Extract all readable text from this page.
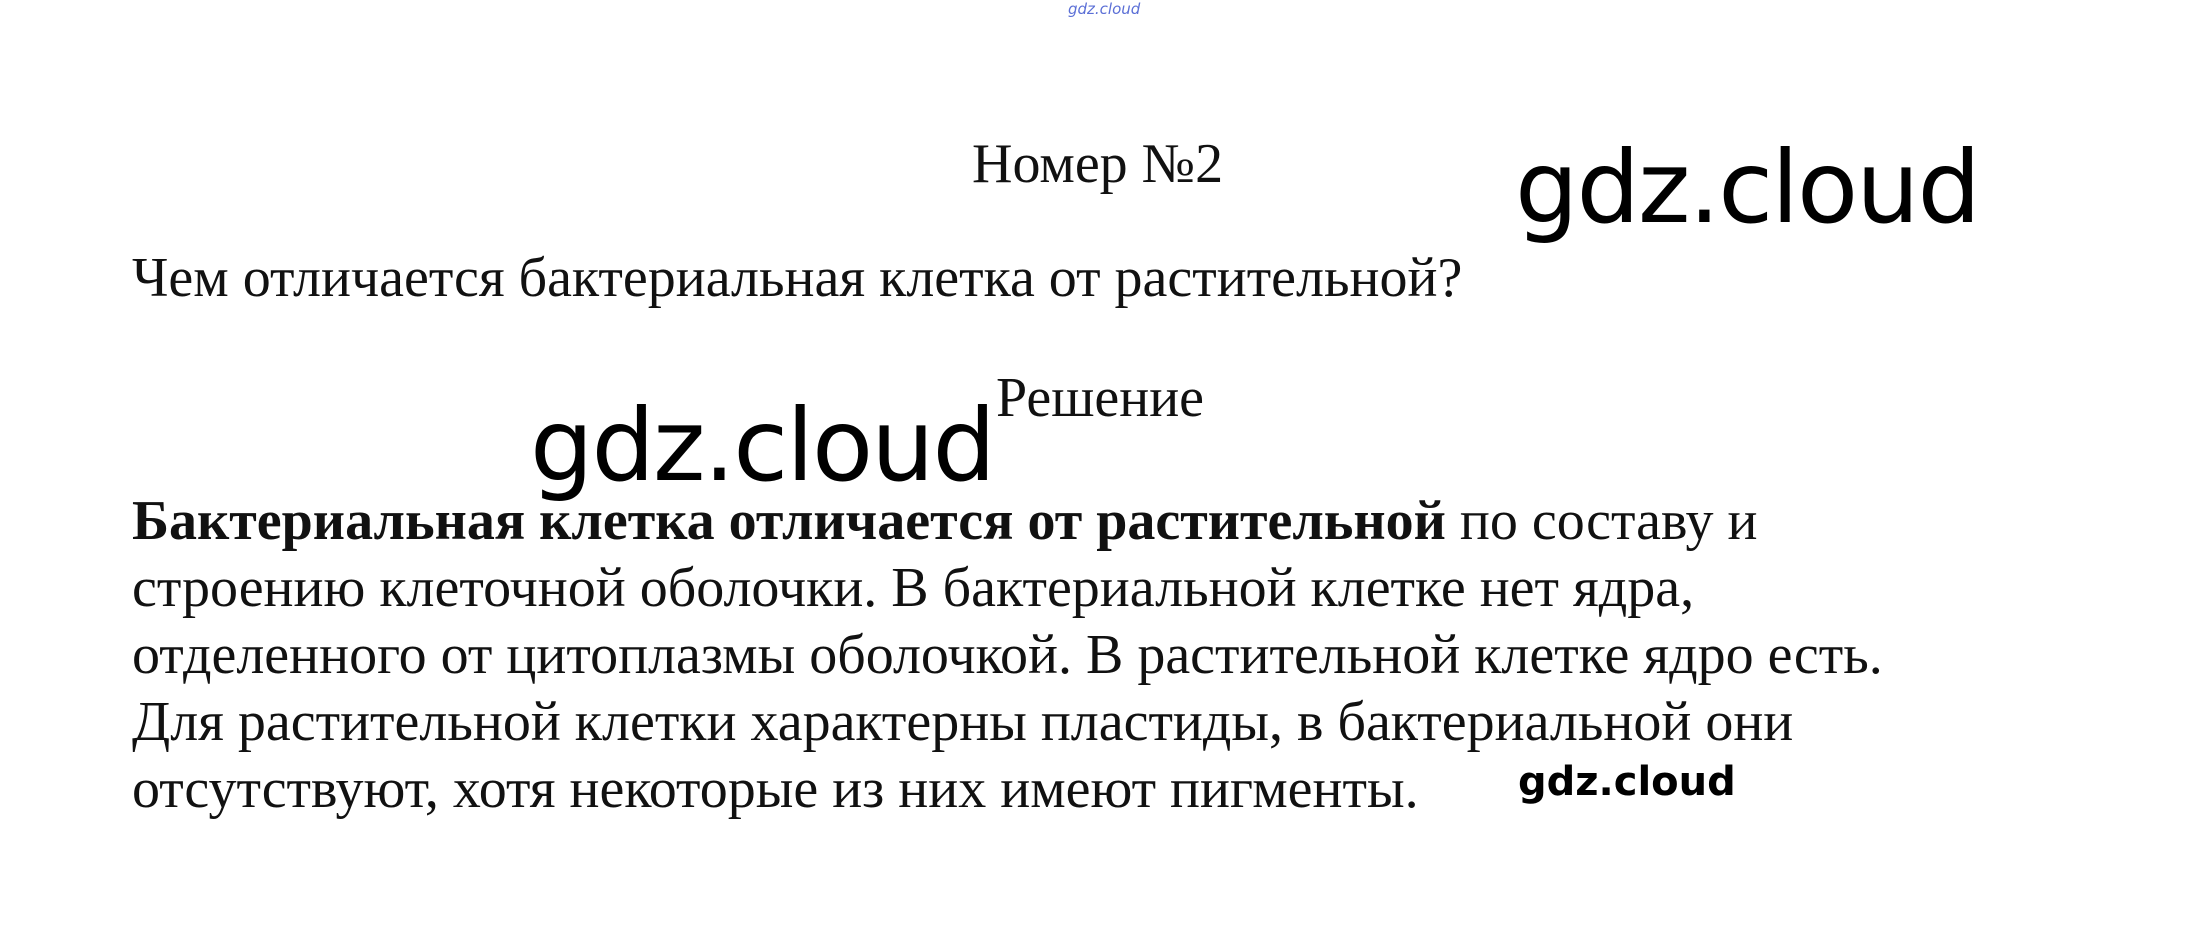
gdz.cloud
Номер №2	gdz.cloud
Чем отличается бактериальная клетка от растительной?
Решение
gdz.cloud
Бактериальная клетка отличается от растительной по составу и
строению клеточной оболочки. В бактериальной клетке нет ядра,
отделенного от цитоплазмы оболочкой. В растительной клетке ядро есть.
Для растительной клетки характерны пластиды, в бактериальной они
отсутствуют, хотя некоторые из них имеют пигменты.	gdz.cloud
